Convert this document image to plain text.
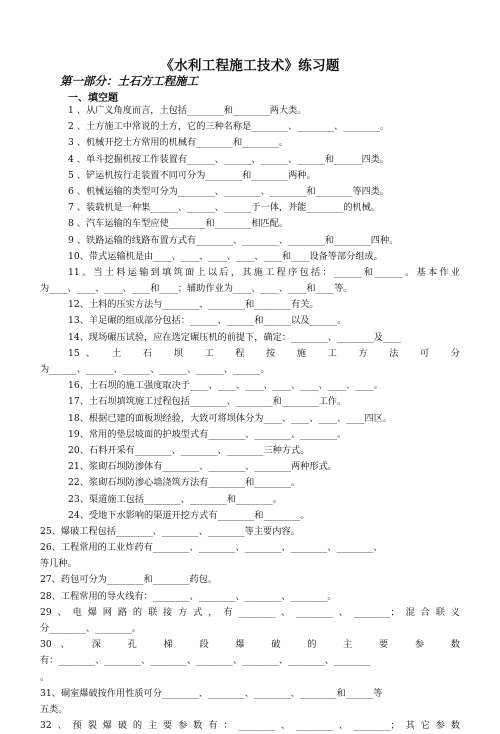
《水利工程施工技术》练习题
第一部分：土石方工程施工
一、填空题
1 、从广义角度而言，土包括________和________两大类。
2 、土方施工中常说的土方，它的三种名称是________、________、________。
3 、机械开挖土方常用的机械有________和________。
4 、单斗挖掘机按工作装置有______、______、______、______和______四类。
5 、铲运机按行走装置不同可分为________和________两种。
6 、机械运输的类型可分为________、________、________和________等四类。
7 、装载机是一种集______、______、______于一体，并能________的机械。
8 、汽车运输的车型应使________和________相匹配。
9 、铁路运输的线路布置方式有________、________、________和________四种。
10、带式运输机是由____、____、____、____、____和____设备等部分组成。
11、当土料运输到填筑面上以后，其施工程序包括：______和______。基本作业
为____、____、____、____和____；辅助作业为____、____、____和____等。
12、土料的压实方法与________、________和________有关。
13、羊足碾的组成部分包括：______、______和______以及______。
14、现场碾压试验，应在选定碾压机的前提下，确定：________、________及____
15、　土　石　坝　工　程　按　施　工　方　法　可　分
为______、______、______、______、______、______。
16、土石坝的施工强度取决于____、____、____、____、____、____、____。
17、土石坝填筑施工过程包括________、________和________工作。
18、根据已建的面板坝经验，大致可将坝体分为____、____、____、____四区。
19、常用的垫层坡面的护坡型式有________、________、________。
20、石料开采有________、________、________三种方式。
21、浆砌石坝防渗体有________、________、________两种形式。
22、浆砌石坝防渗心墙浇筑方法有________和________。
23、渠道施工包括________、________和________。
24、受地下水影响的渠道开挖方式有________和________。
25、爆破工程包括________、________、________等主要内容。
26、工程常用的工业炸药有________、________、________、________、________、
等几种。
27、药包可分为________和________药包。
28、工程常用的导火线有：________、________、________、________。
29、电爆网路的联接方式，有________、________、________；混合联义
分________、________。
30、　深　孔　梯　段　爆　破　的　主　要　参　数
有：________、________、________、________、________、________、________
。
31、硐室爆破按作用性质可分________、________、________、________和______等
五类。
32、预裂爆破的主要参数有：________、________、________；其它参数
